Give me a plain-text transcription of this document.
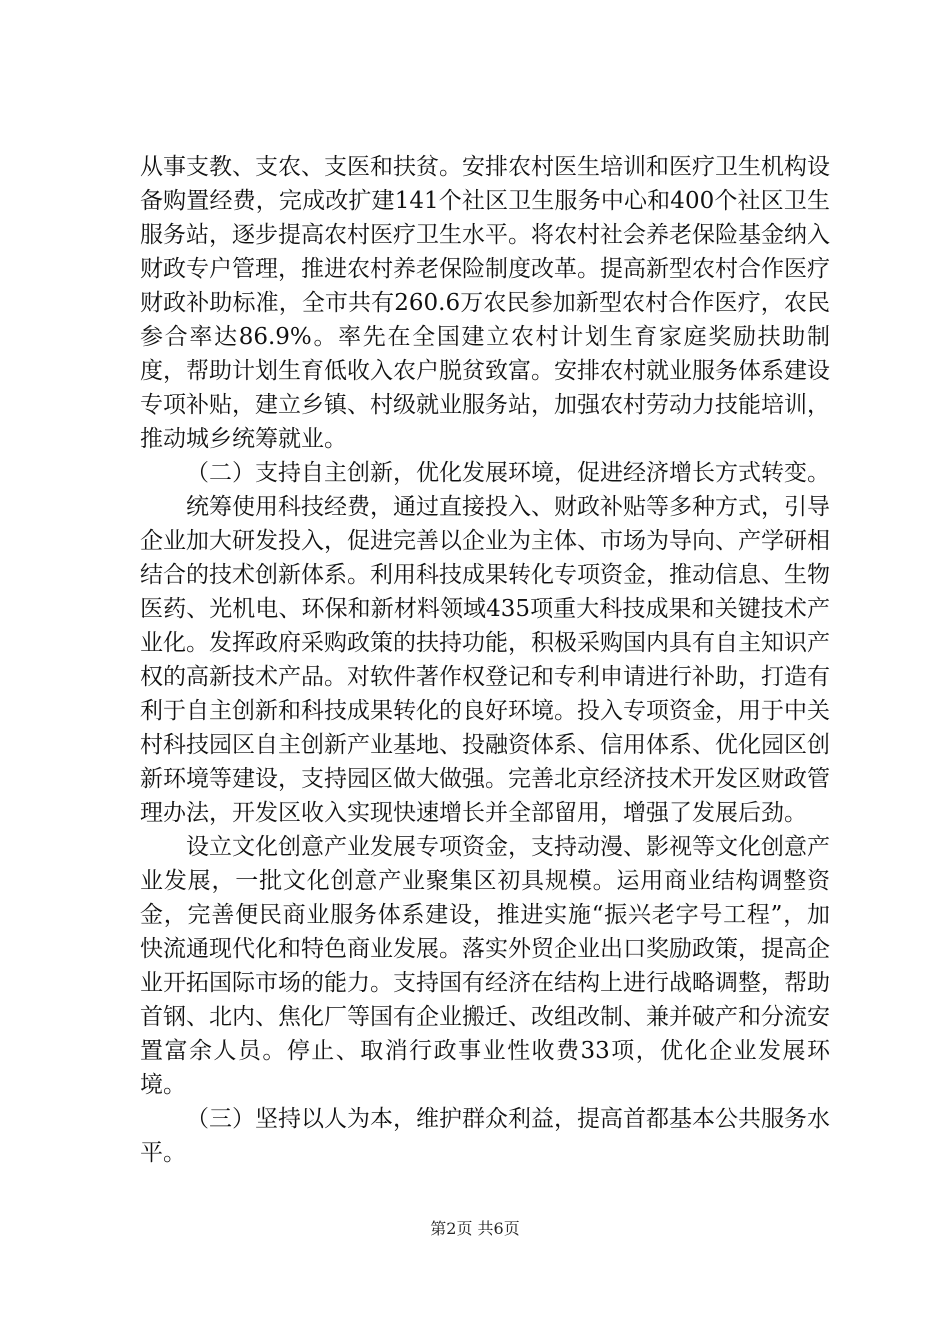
从事支教、支农、支医和扶贫。安排农村医生培训和医疗卫生机构设备购置经费，完成改扩建141个社区卫生服务中心和400个社区卫生服务站，逐步提高农村医疗卫生水平。将农村社会养老保险基金纳入财政专户管理，推进农村养老保险制度改革。提高新型农村合作医疗财政补助标准，全市共有260.6万农民参加新型农村合作医疗，农民参合率达86.9%。率先在全国建立农村计划生育家庭奖励扶助制度，帮助计划生育低收入农户脱贫致富。安排农村就业服务体系建设专项补贴，建立乡镇、村级就业服务站，加强农村劳动力技能培训，推动城乡统筹就业。

（二）支持自主创新，优化发展环境，促进经济增长方式转变。

统筹使用科技经费，通过直接投入、财政补贴等多种方式，引导企业加大研发投入，促进完善以企业为主体、市场为导向、产学研相结合的技术创新体系。利用科技成果转化专项资金，推动信息、生物医药、光机电、环保和新材料领域435项重大科技成果和关键技术产业化。发挥政府采购政策的扶持功能，积极采购国内具有自主知识产权的高新技术产品。对软件著作权登记和专利申请进行补助，打造有利于自主创新和科技成果转化的良好环境。投入专项资金，用于中关村科技园区自主创新产业基地、投融资体系、信用体系、优化园区创新环境等建设，支持园区做大做强。完善北京经济技术开发区财政管理办法，开发区收入实现快速增长并全部留用，增强了发展后劲。

设立文化创意产业发展专项资金，支持动漫、影视等文化创意产业发展，一批文化创意产业聚集区初具规模。运用商业结构调整资金，完善便民商业服务体系建设，推进实施“振兴老字号工程”，加快流通现代化和特色商业发展。落实外贸企业出口奖励政策，提高企业开拓国际市场的能力。支持国有经济在结构上进行战略调整，帮助首钢、北内、焦化厂等国有企业搬迁、改组改制、兼并破产和分流安置富余人员。停止、取消行政事业性收费33项，优化企业发展环境。

（三）坚持以人为本，维护群众利益，提高首都基本公共服务水平。

第2页 共6页
